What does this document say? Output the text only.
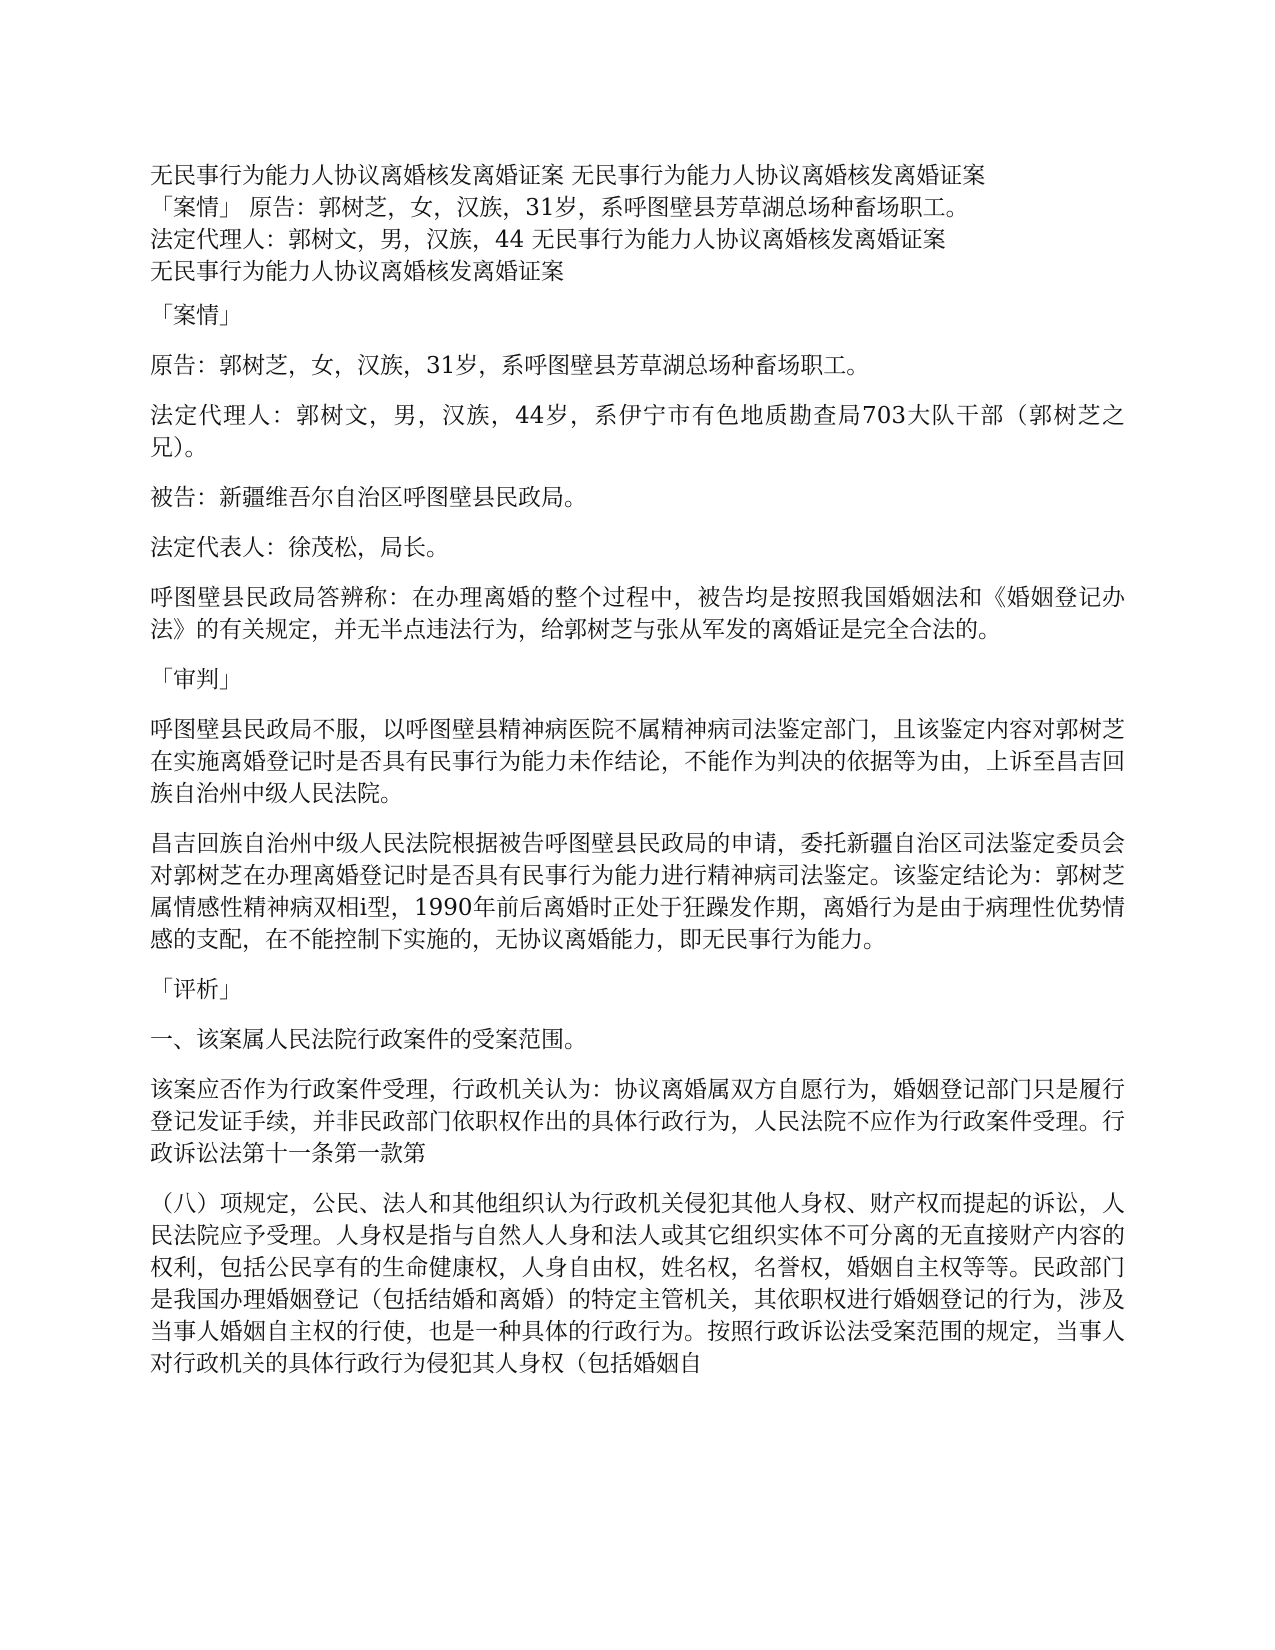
无民事行为能力人协议离婚核发离婚证案 无民事行为能力人协议离婚核发离婚证案
「案情」 原告：郭树芝，女，汉族，31岁，系呼图壁县芳草湖总场种畜场职工。
法定代理人：郭树文，男，汉族，44 无民事行为能力人协议离婚核发离婚证案
无民事行为能力人协议离婚核发离婚证案

「案情」

原告：郭树芝，女，汉族，31岁，系呼图壁县芳草湖总场种畜场职工。

法定代理人：郭树文，男，汉族，44岁，系伊宁市有色地质勘查局703大队干部（郭树芝之兄）。

被告：新疆维吾尔自治区呼图壁县民政局。

法定代表人：徐茂松，局长。

呼图壁县民政局答辨称：在办理离婚的整个过程中，被告均是按照我国婚姻法和《婚姻登记办法》的有关规定，并无半点违法行为，给郭树芝与张从军发的离婚证是完全合法的。

「审判」

呼图壁县民政局不服，以呼图壁县精神病医院不属精神病司法鉴定部门，且该鉴定内容对郭树芝在实施离婚登记时是否具有民事行为能力未作结论，不能作为判决的依据等为由，上诉至昌吉回族自治州中级人民法院。

昌吉回族自治州中级人民法院根据被告呼图壁县民政局的申请，委托新疆自治区司法鉴定委员会对郭树芝在办理离婚登记时是否具有民事行为能力进行精神病司法鉴定。该鉴定结论为：郭树芝属情感性精神病双相ⅰ型，1990年前后离婚时正处于狂躁发作期，离婚行为是由于病理性优势情感的支配，在不能控制下实施的，无协议离婚能力，即无民事行为能力。

「评析」

一、该案属人民法院行政案件的受案范围。

该案应否作为行政案件受理，行政机关认为：协议离婚属双方自愿行为，婚姻登记部门只是履行登记发证手续，并非民政部门依职权作出的具体行政行为，人民法院不应作为行政案件受理。行政诉讼法第十一条第一款第

（八）项规定，公民、法人和其他组织认为行政机关侵犯其他人身权、财产权而提起的诉讼，人民法院应予受理。人身权是指与自然人人身和法人或其它组织实体不可分离的无直接财产内容的权利，包括公民享有的生命健康权，人身自由权，姓名权，名誉权，婚姻自主权等等。民政部门是我国办理婚姻登记（包括结婚和离婚）的特定主管机关，其依职权进行婚姻登记的行为，涉及当事人婚姻自主权的行使，也是一种具体的行政行为。按照行政诉讼法受案范围的规定，当事人对行政机关的具体行政行为侵犯其人身权（包括婚姻自
